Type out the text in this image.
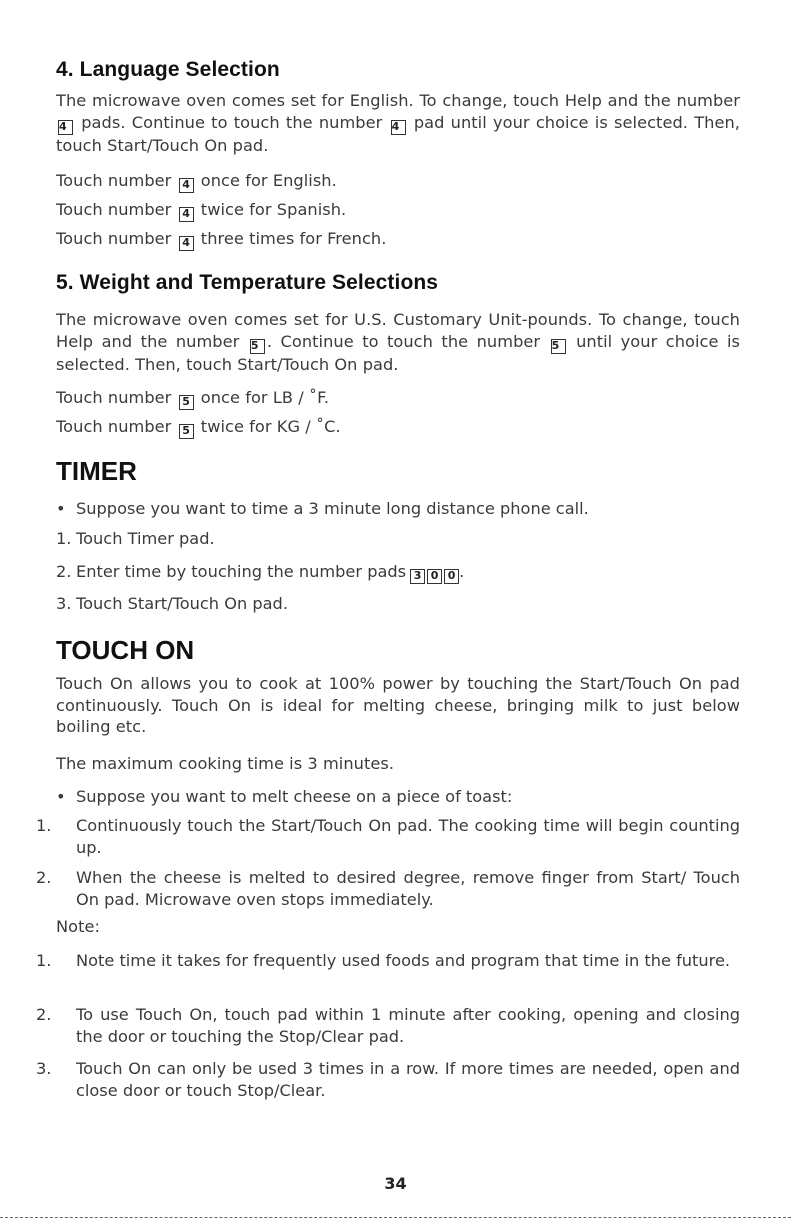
4. Language Selection

The microwave oven comes set for English. To change, touch Help and the number 4 pads. Continue to touch the number 4 pad until your choice is selected. Then, touch Start/Touch On pad.

Touch number 4 once for English.

Touch number 4 twice for Spanish.

Touch number 4 three times for French.

5. Weight and Temperature Selections

The microwave oven comes set for U.S. Customary Unit-pounds. To change, touch Help and the number 5 . Continue to touch the number 5 until your choice is selected. Then, touch Start/Touch On pad.

Touch number 5 once for LB / ˚F.

Touch number 5 twice for KG / ˚C.

TIMER
• Suppose you want to time a 3 minute long distance phone call.
1. Touch Timer pad.
2. Enter time by touching the number pads 3 0 0 .
3. Touch Start/Touch On pad.
TOUCH ON

Touch On allows you to cook at 100% power by touching the Start/Touch On pad continuously. Touch On is ideal for melting cheese, bringing milk to just below boiling etc.

The maximum cooking time is 3 minutes.

• Suppose you want to melt cheese on a piece of toast:
1. Continuously touch the Start/Touch On pad. The cooking time will begin counting up.
2. When the cheese is melted to desired degree, remove finger from Start/ Touch On pad. Microwave oven stops immediately.

Note:

1. Note time it takes for frequently used foods and program that time in the future.
2. To use Touch On, touch pad within 1 minute after cooking, opening and closing the door or touching the Stop/Clear pad.
3. Touch On can only be used 3 times in a row. If more times are needed, open and close door or touch Stop/Clear.
34
